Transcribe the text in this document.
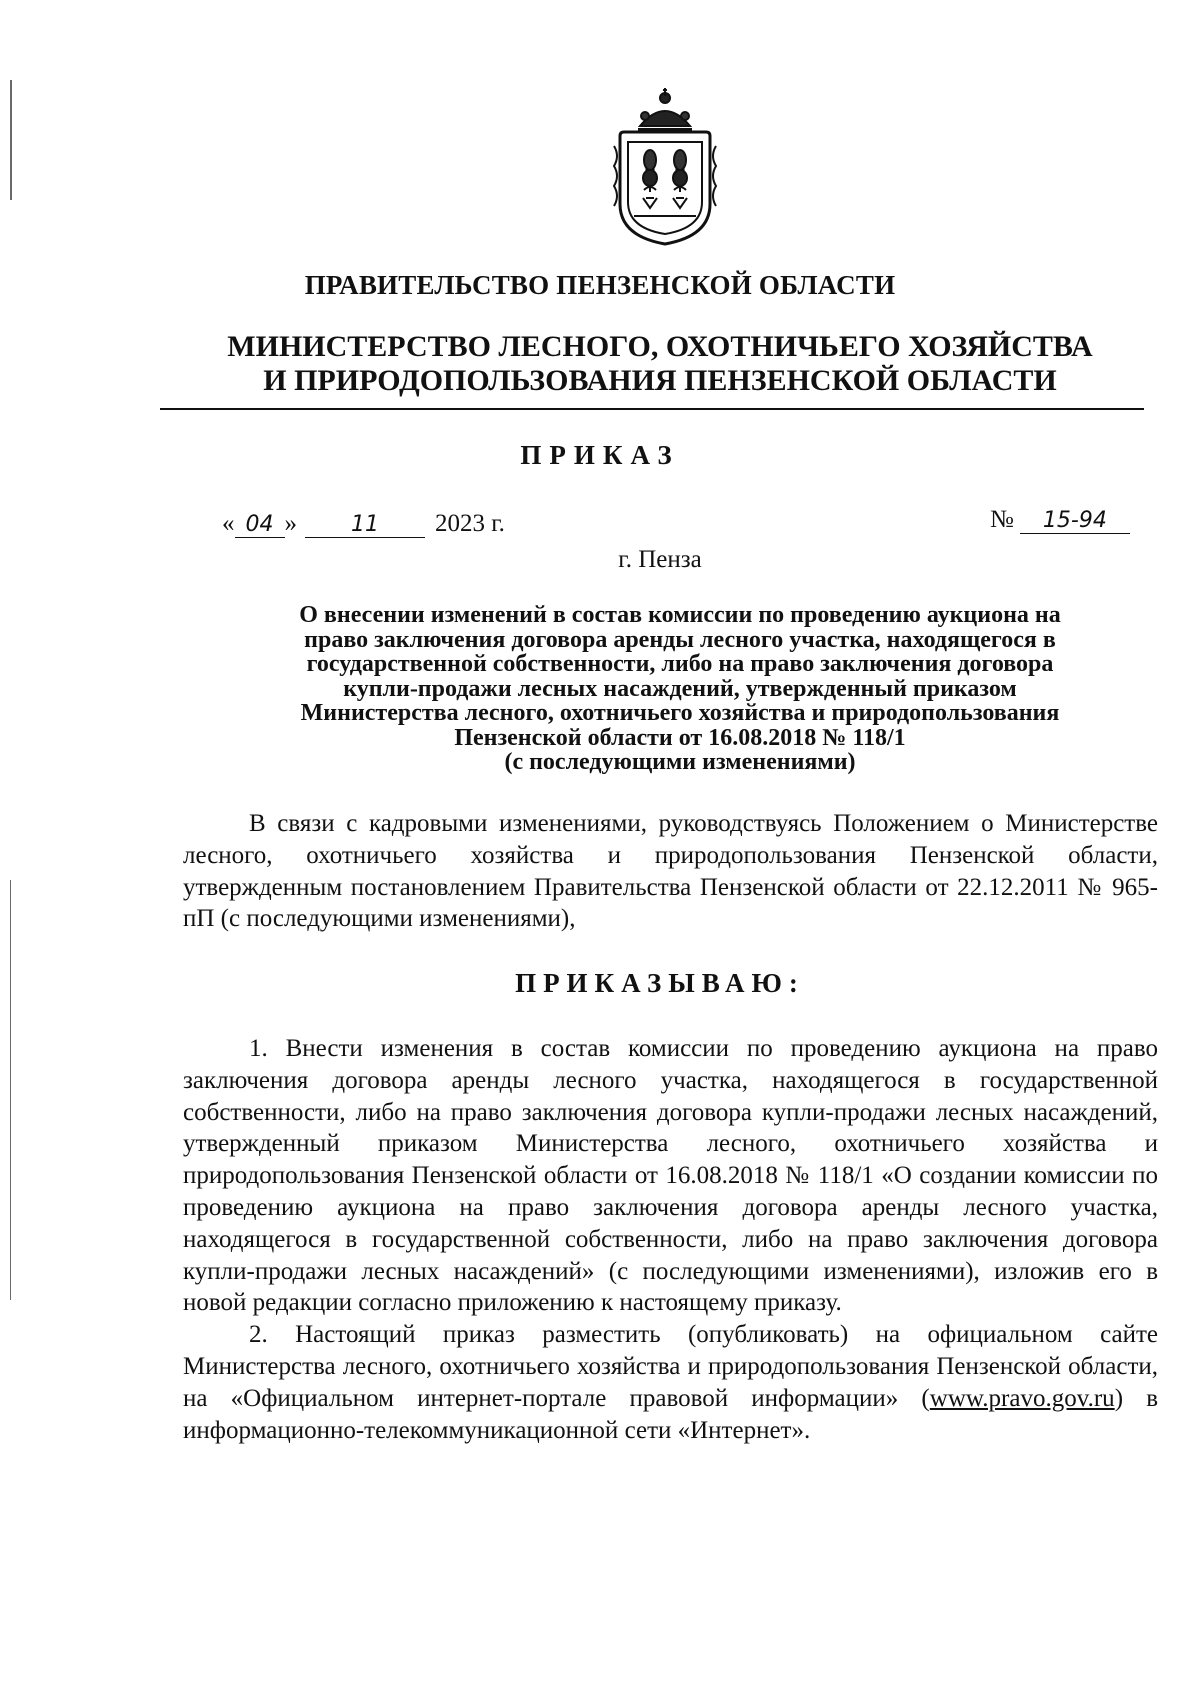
ПРАВИТЕЛЬСТВО ПЕНЗЕНСКОЙ ОБЛАСТИ
МИНИСТЕРСТВО ЛЕСНОГО, ОХОТНИЧЬЕГО ХОЗЯЙСТВА
И ПРИРОДОПОЛЬЗОВАНИЯ ПЕНЗЕНСКОЙ ОБЛАСТИ
ПРИКАЗ
« 04 » 11 2023 г.	№ 15-94
г. Пенза
О внесении изменений в состав комиссии по проведению аукциона на
право заключения договора аренды лесного участка, находящегося в
государственной собственности, либо на право заключения договора
купли-продажи лесных насаждений, утвержденный приказом
Министерства лесного, охотничьего хозяйства и природопользования
Пензенской области от 16.08.2018 № 118/1
(с последующими изменениями)

В связи с кадровыми изменениями, руководствуясь Положением о Министерстве лесного, охотничьего хозяйства и природопользования Пензенской области, утвержденным постановлением Правительства Пензенской области от 22.12.2011 № 965-пП (с последующими изменениями),

ПРИКАЗЫВАЮ:

1. Внести изменения в состав комиссии по проведению аукциона на право заключения договора аренды лесного участка, находящегося в государственной собственности, либо на право заключения договора купли-продажи лесных насаждений, утвержденный приказом Министерства лесного, охотничьего хозяйства и природопользования Пензенской области от 16.08.2018 № 118/1 «О создании комиссии по проведению аукциона на право заключения договора аренды лесного участка, находящегося в государственной собственности, либо на право заключения договора купли-продажи лесных насаждений» (с последующими изменениями), изложив его в новой редакции согласно приложению к настоящему приказу.

2. Настоящий приказ разместить (опубликовать) на официальном сайте Министерства лесного, охотничьего хозяйства и природопользования Пензенской области, на «Официальном интернет-портале правовой информации» (www.pravo.gov.ru) в информационно-телекоммуникационной сети «Интернет».
